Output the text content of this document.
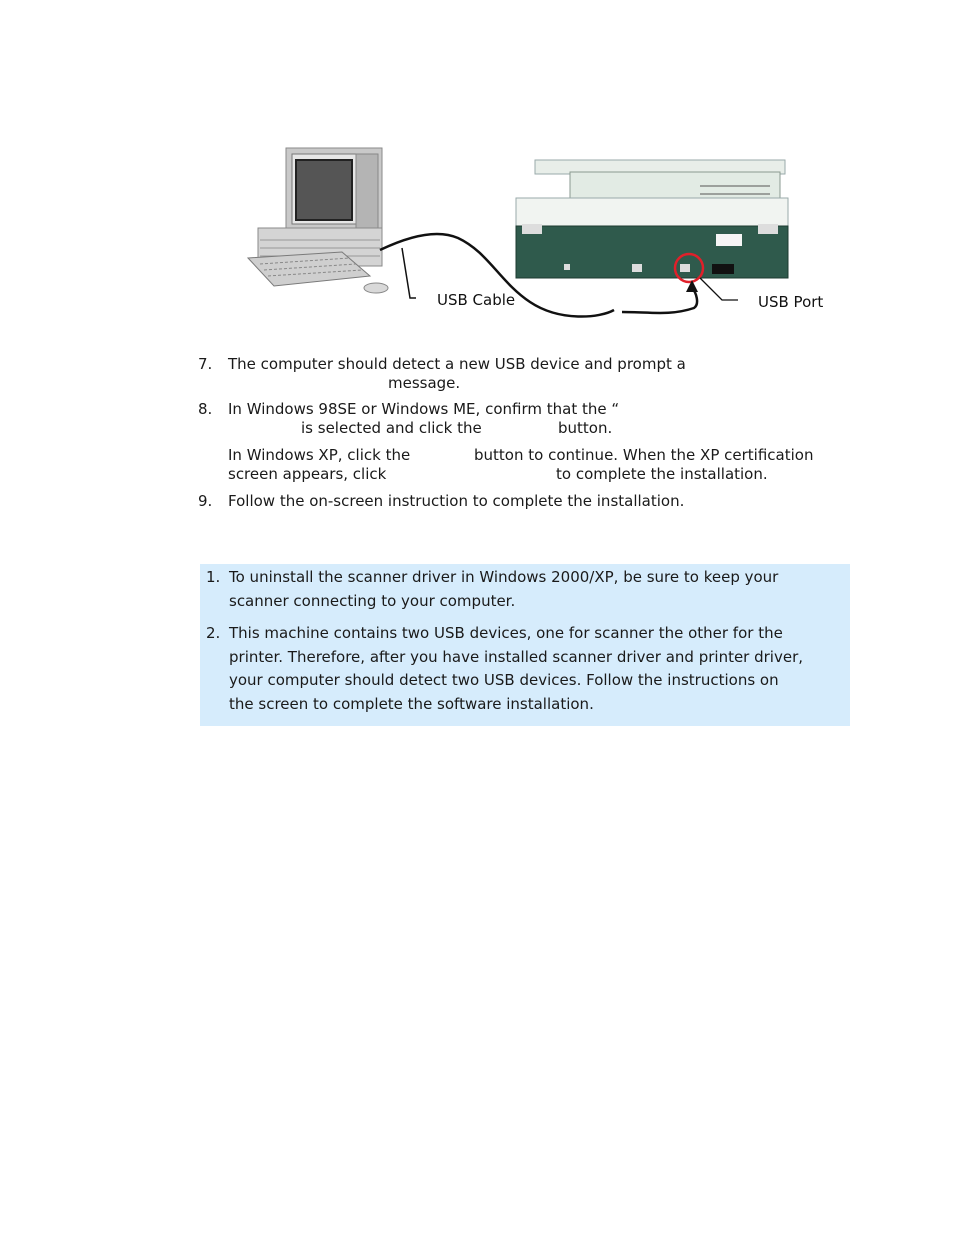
USB Cable	USB Port
7.	The computer should detect a new USB device and prompt a
message.
8.	In Windows 98SE or Windows ME, confirm that the “
is selected and click the	button.
In Windows XP, click the	button to continue. When the XP certification
screen appears, click	to complete the installation.
9.	Follow the on-screen instruction to complete the installation.
1. To uninstall the scanner driver in Windows 2000/XP, be sure to keep your
scanner connecting to your computer.
2. This machine contains two USB devices, one for scanner the other for the
printer. Therefore, after you have installed scanner driver and printer driver,
your computer should detect two USB devices. Follow the instructions on
the screen to complete the software installation.
